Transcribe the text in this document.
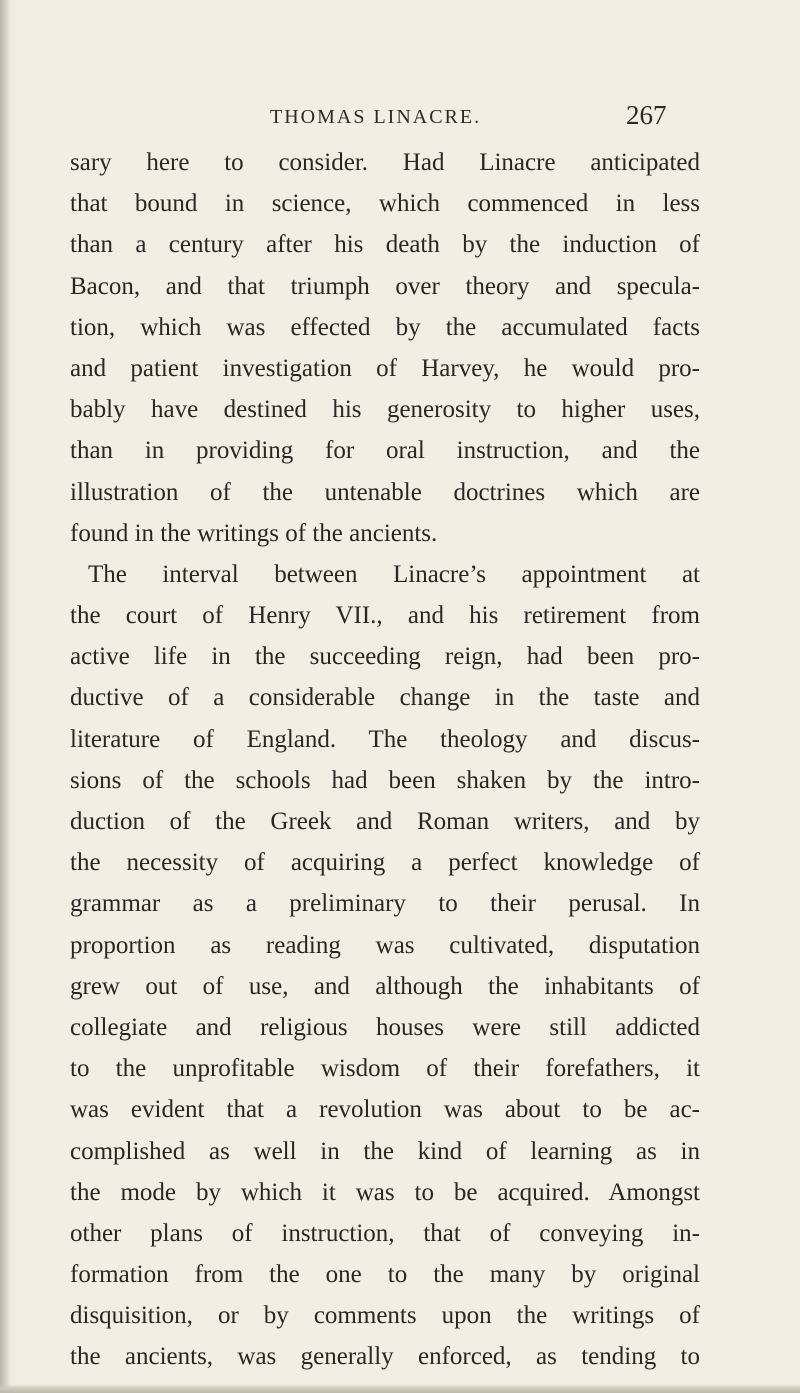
THOMAS LINACRE.	267
sary here to consider. Had Linacre anticipated
that bound in science, which commenced in less
than a century after his death by the induction of
Bacon, and that triumph over theory and specula-
tion, which was effected by the accumulated facts
and patient investigation of Harvey, he would pro-
bably have destined his generosity to higher uses,
than in providing for oral instruction, and the
illustration of the untenable doctrines which are
found in the writings of the ancients.
The interval between Linacre’s appointment at
the court of Henry VII., and his retirement from
active life in the succeeding reign, had been pro-
ductive of a considerable change in the taste and
literature of England. The theology and discus-
sions of the schools had been shaken by the intro-
duction of the Greek and Roman writers, and by
the necessity of acquiring a perfect knowledge of
grammar as a preliminary to their perusal. In
proportion as reading was cultivated, disputation
grew out of use, and although the inhabitants of
collegiate and religious houses were still addicted
to the unprofitable wisdom of their forefathers, it
was evident that a revolution was about to be ac-
complished as well in the kind of learning as in
the mode by which it was to be acquired. Amongst
other plans of instruction, that of conveying in-
formation from the one to the many by original
disquisition, or by comments upon the writings of
the ancients, was generally enforced, as tending to
